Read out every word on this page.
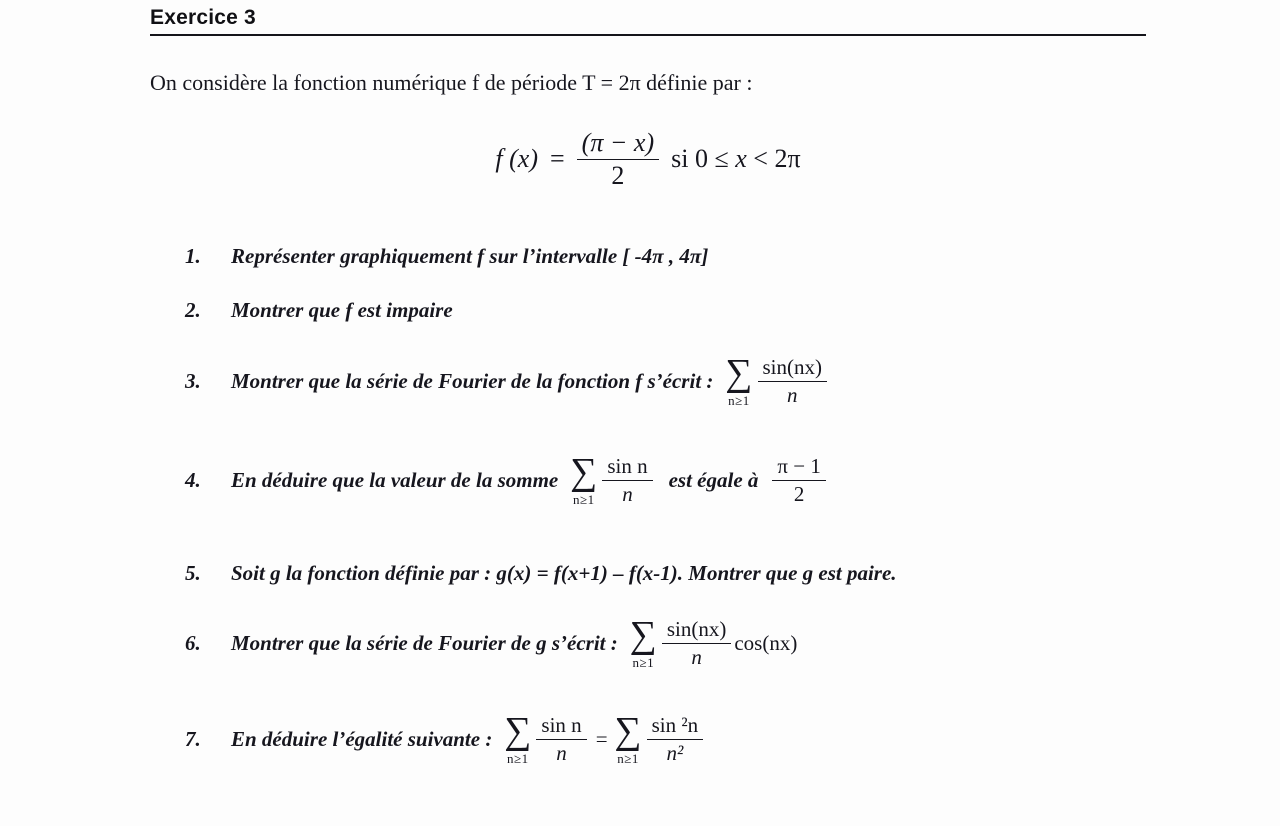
Exercice 3
On considère la fonction numérique f de période T = 2π définie par :
f $(x) = \frac{(\pi - x)}{2}$ si 0 ≤ x < 2π
1.	Représenter graphiquement f sur l’intervalle [ -4π , 4π]
2.	Montrer que f est impaire
3.	Montrer que la série de Fourier de la fonction f s’écrit : ∑
$n\ge 1 \frac{\sin(nx)}{n}$
4.	En déduire que la valeur de la somme ∑
$n\ge 1 \frac{\text{sin n}}{n}$ est égale à $\frac{\pi - 1}{2}$
5.	Soit g la fonction définie par : g(x) = f(x+1) – f(x-1). Montrer que g est paire.
6.	Montrer que la série de Fourier de g s’écrit : ∑
$n\ge 1 \frac{\sin(nx)}{n} \cos(nx)$
7.	En déduire l’égalité suivante : ∑
$n\ge 1 \frac{\text{sin n}}{n}$ = ∑
$n\ge 1 \frac{\text{sin ²n}}{\text{n²}}$
